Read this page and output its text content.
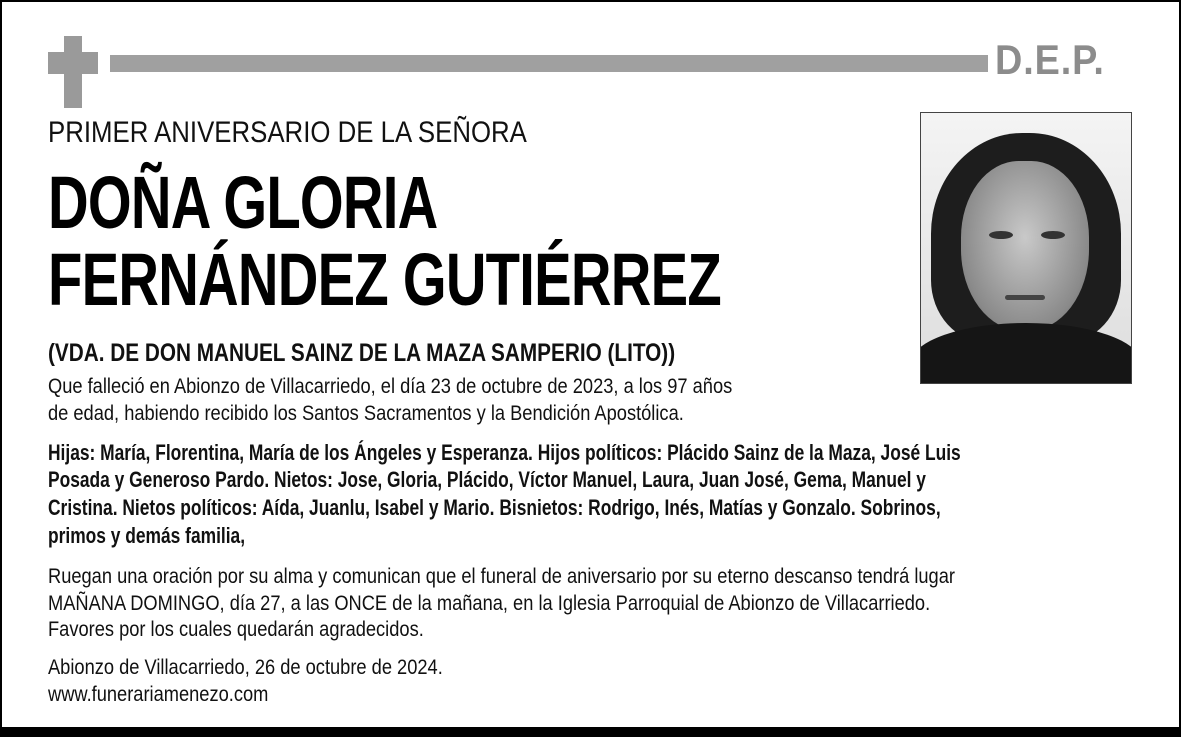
D.E.P.
PRIMER ANIVERSARIO DE LA SEÑORA
DOÑA GLORIA
FERNÁNDEZ GUTIÉRREZ
(VDA. DE DON MANUEL SAINZ DE LA MAZA SAMPERIO (LITO))
Que falleció en Abionzo de Villacarriedo, el día 23 de octubre de 2023, a los 97 años
de edad, habiendo recibido los Santos Sacramentos y la Bendición Apostólica.
Hijas: María, Florentina, María de los Ángeles y Esperanza. Hijos políticos: Plácido Sainz de la Maza, José Luis
Posada y Generoso Pardo. Nietos: Jose, Gloria, Plácido, Víctor Manuel, Laura, Juan José, Gema, Manuel y
Cristina. Nietos políticos: Aída, Juanlu, Isabel y Mario. Bisnietos: Rodrigo, Inés, Matías y Gonzalo. Sobrinos,
primos y demás familia,
Ruegan una oración por su alma y comunican que el funeral de aniversario por su eterno descanso tendrá lugar
MAÑANA DOMINGO, día 27, a las ONCE de la mañana, en la Iglesia Parroquial de Abionzo de Villacarriedo.
Favores por los cuales quedarán agradecidos.
Abionzo de Villacarriedo, 26 de octubre de 2024.
www.funerariamenezo.com
